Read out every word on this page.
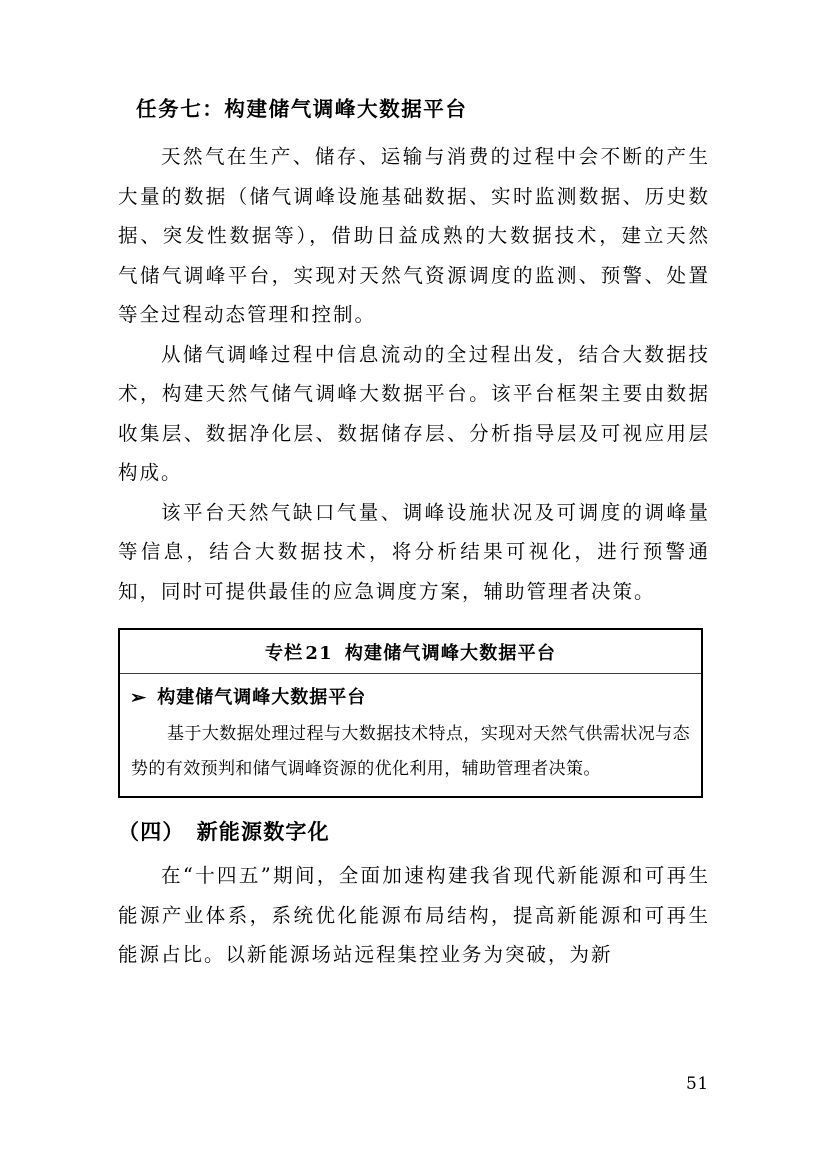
任务七：构建储气调峰大数据平台

天然气在生产、储存、运输与消费的过程中会不断的产生大量的数据（储气调峰设施基础数据、实时监测数据、历史数据、突发性数据等），借助日益成熟的大数据技术，建立天然气储气调峰平台，实现对天然气资源调度的监测、预警、处置等全过程动态管理和控制。

从储气调峰过程中信息流动的全过程出发，结合大数据技术，构建天然气储气调峰大数据平台。该平台框架主要由数据收集层、数据净化层、数据储存层、分析指导层及可视应用层构成。

该平台天然气缺口气量、调峰设施状况及可调度的调峰量等信息，结合大数据技术，将分析结果可视化，进行预警通知，同时可提供最佳的应急调度方案，辅助管理者决策。

专栏 21 构建储气调峰大数据平台
➢ 构建储气调峰大数据平台

基于大数据处理过程与大数据技术特点，实现对天然气供需状况与态势的有效预判和储气调峰资源的优化利用，辅助管理者决策。

（四） 新能源数字化

在“十四五”期间，全面加速构建我省现代新能源和可再生能源产业体系，系统优化能源布局结构，提高新能源和可再生能源占比。以新能源场站远程集控业务为突破，为新

51
